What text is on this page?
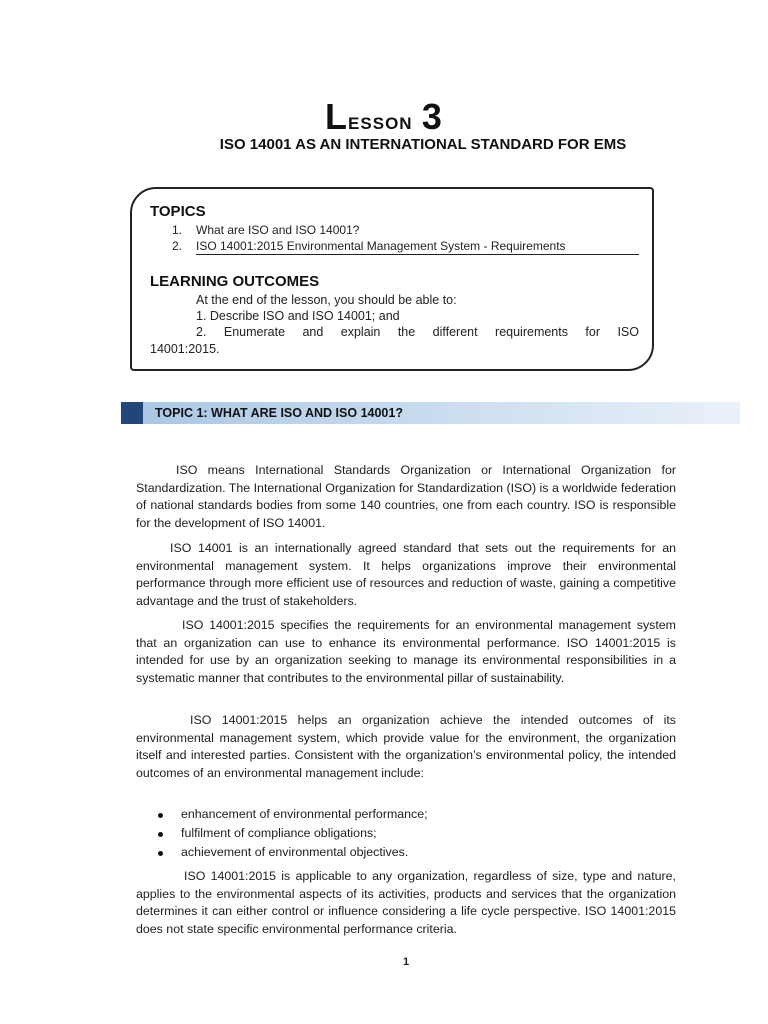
Lesson 3
ISO 14001 AS AN INTERNATIONAL STANDARD FOR EMS
TOPICS
1. What are ISO and ISO 14001?
2. ISO 14001:2015 Environmental Management System - Requirements
LEARNING OUTCOMES
At the end of the lesson, you should be able to:
1. Describe ISO and ISO 14001; and
2. Enumerate and explain the different requirements for ISO
14001:2015.
TOPIC 1: WHAT ARE ISO AND ISO 14001?

ISO means International Standards Organization or International Organization for Standardization. The International Organization for Standardization (ISO) is a worldwide federation of national standards bodies from some 140 countries, one from each country. ISO is responsible for the development of ISO 14001.

ISO 14001 is an internationally agreed standard that sets out the requirements for an environmental management system. It helps organizations improve their environmental performance through more efficient use of resources and reduction of waste, gaining a competitive advantage and the trust of stakeholders.

ISO 14001:2015 specifies the requirements for an environmental management system that an organization can use to enhance its environmental performance. ISO 14001:2015 is intended for use by an organization seeking to manage its environmental responsibilities in a systematic manner that contributes to the environmental pillar of sustainability.

ISO 14001:2015 helps an organization achieve the intended outcomes of its environmental management system, which provide value for the environment, the organization itself and interested parties. Consistent with the organization’s environmental policy, the intended outcomes of an environmental management include:

enhancement of environmental performance;
fulfilment of compliance obligations;
achievement of environmental objectives.

ISO 14001:2015 is applicable to any organization, regardless of size, type and nature, applies to the environmental aspects of its activities, products and services that the organization determines it can either control or influence considering a life cycle perspective. ISO 14001:2015 does not state specific environmental performance criteria.

1
